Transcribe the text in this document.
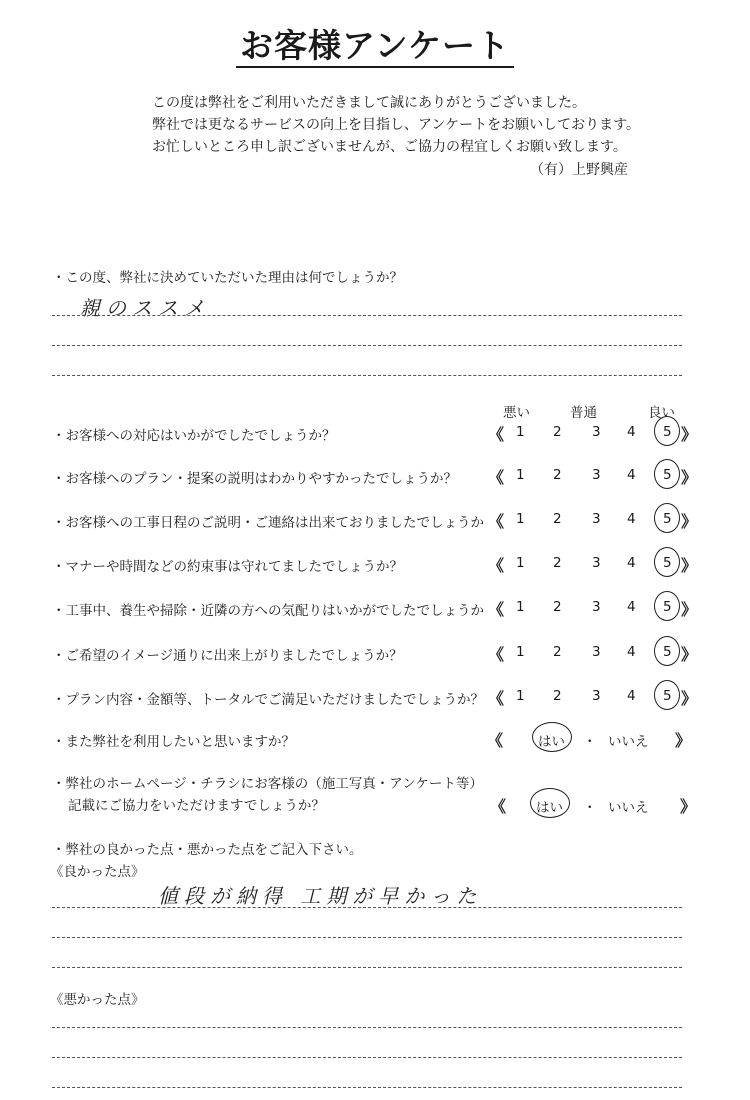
お客様アンケート
この度は弊社をご利用いただきまして誠にありがとうございました。
弊社では更なるサービスの向上を目指し、アンケートをお願いしております。
お忙しいところ申し訳ございませんが、ご協力の程宜しくお願い致します。
（有）上野興産
・この度、弊社に決めていただいた理由は何でしょうか？
親のススメ
悪い	普通	良い
・お客様への対応はいかがでしたでしょうか？	《 1 2 3 4 5 》
・お客様へのプラン・提案の説明はわかりやすかったでしょうか？ 《 1 2 3 4 5 》
・お客様への工事日程のご説明・ご連絡は出来ておりましたでしょうか 《 1 2 3 4 5 》
・マナーや時間などの約束事は守れてましたでしょうか？	《 1 2 3 4 5 》
・工事中、養生や掃除・近隣の方への気配りはいかがでしたでしょうか 《 1 2 3 4 5 》
・ご希望のイメージ通りに出来上がりましたでしょうか？	《 1 2 3 4 5 》
・プラン内容・金額等、トータルでご満足いただけましたでしょうか？ 《 1 2 3 4 5 》
・また弊社を利用したいと思いますか？	《	はい ・ いいえ 》
・弊社のホームページ・チラシにお客様の（施工写真・アンケート等）
記載にご協力をいただけますでしょうか？	《 はい ・ いいえ 》
・弊社の良かった点・悪かった点をご記入下さい。
《良かった点》
値段が納得 工期が早かった
《悪かった点》
